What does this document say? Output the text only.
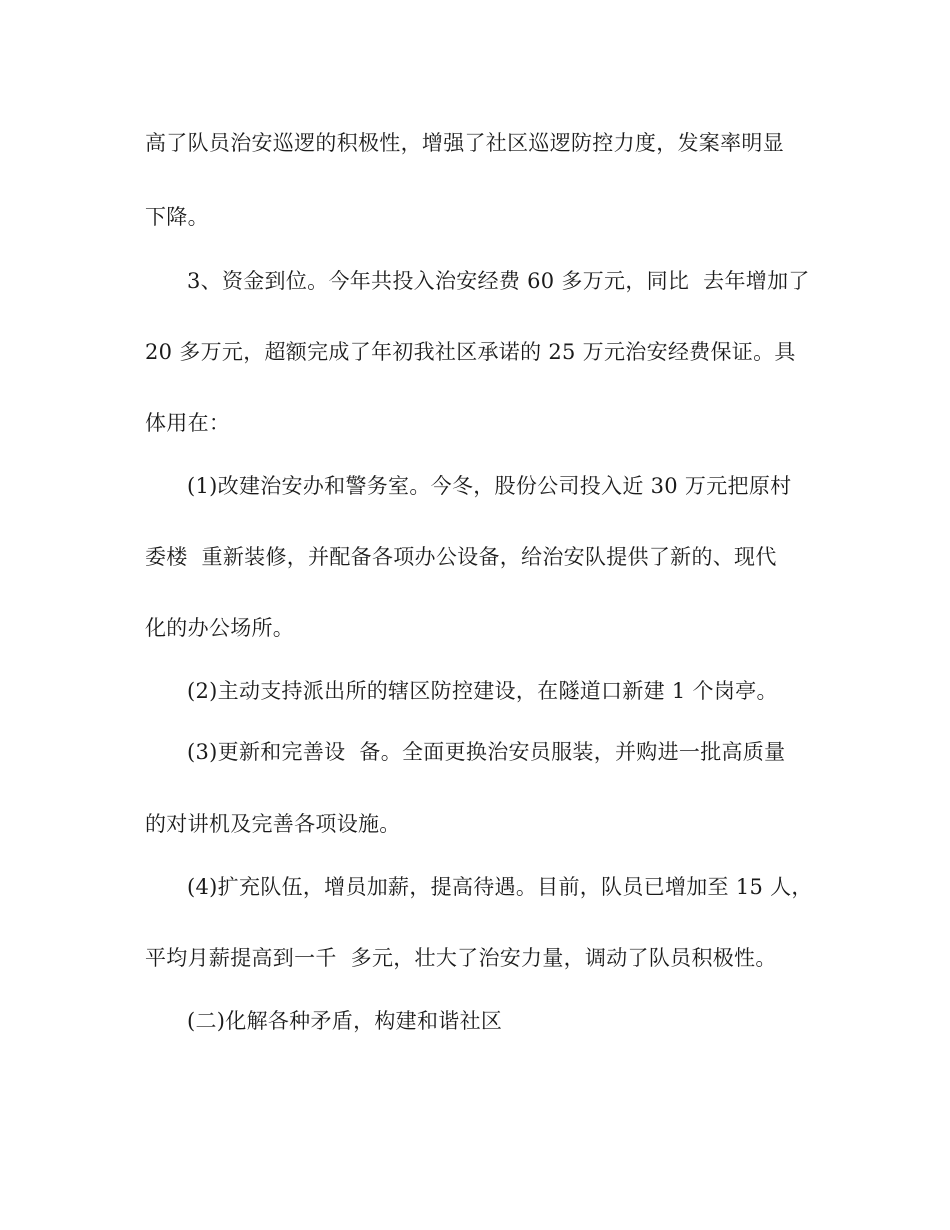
高了队员治安巡逻的积极性，增强了社区巡逻防控力度，发案率明显
下降。
3、资金到位。今年共投入治安经费 60 多万元，同比  去年增加了
20 多万元，超额完成了年初我社区承诺的 25 万元治安经费保证。具
体用在：
(1)改建治安办和警务室。今冬，股份公司投入近 30 万元把原村
委楼  重新装修，并配备各项办公设备，给治安队提供了新的、现代
化的办公场所。
(2)主动支持派出所的辖区防控建设，在隧道口新建 1 个岗亭。
(3)更新和完善设  备。全面更换治安员服装，并购进一批高质量
的对讲机及完善各项设施。
(4)扩充队伍，增员加薪，提高待遇。目前，队员已增加至 15 人，
平均月薪提高到一千  多元，壮大了治安力量，调动了队员积极性。
(二)化解各种矛盾，构建和谐社区
